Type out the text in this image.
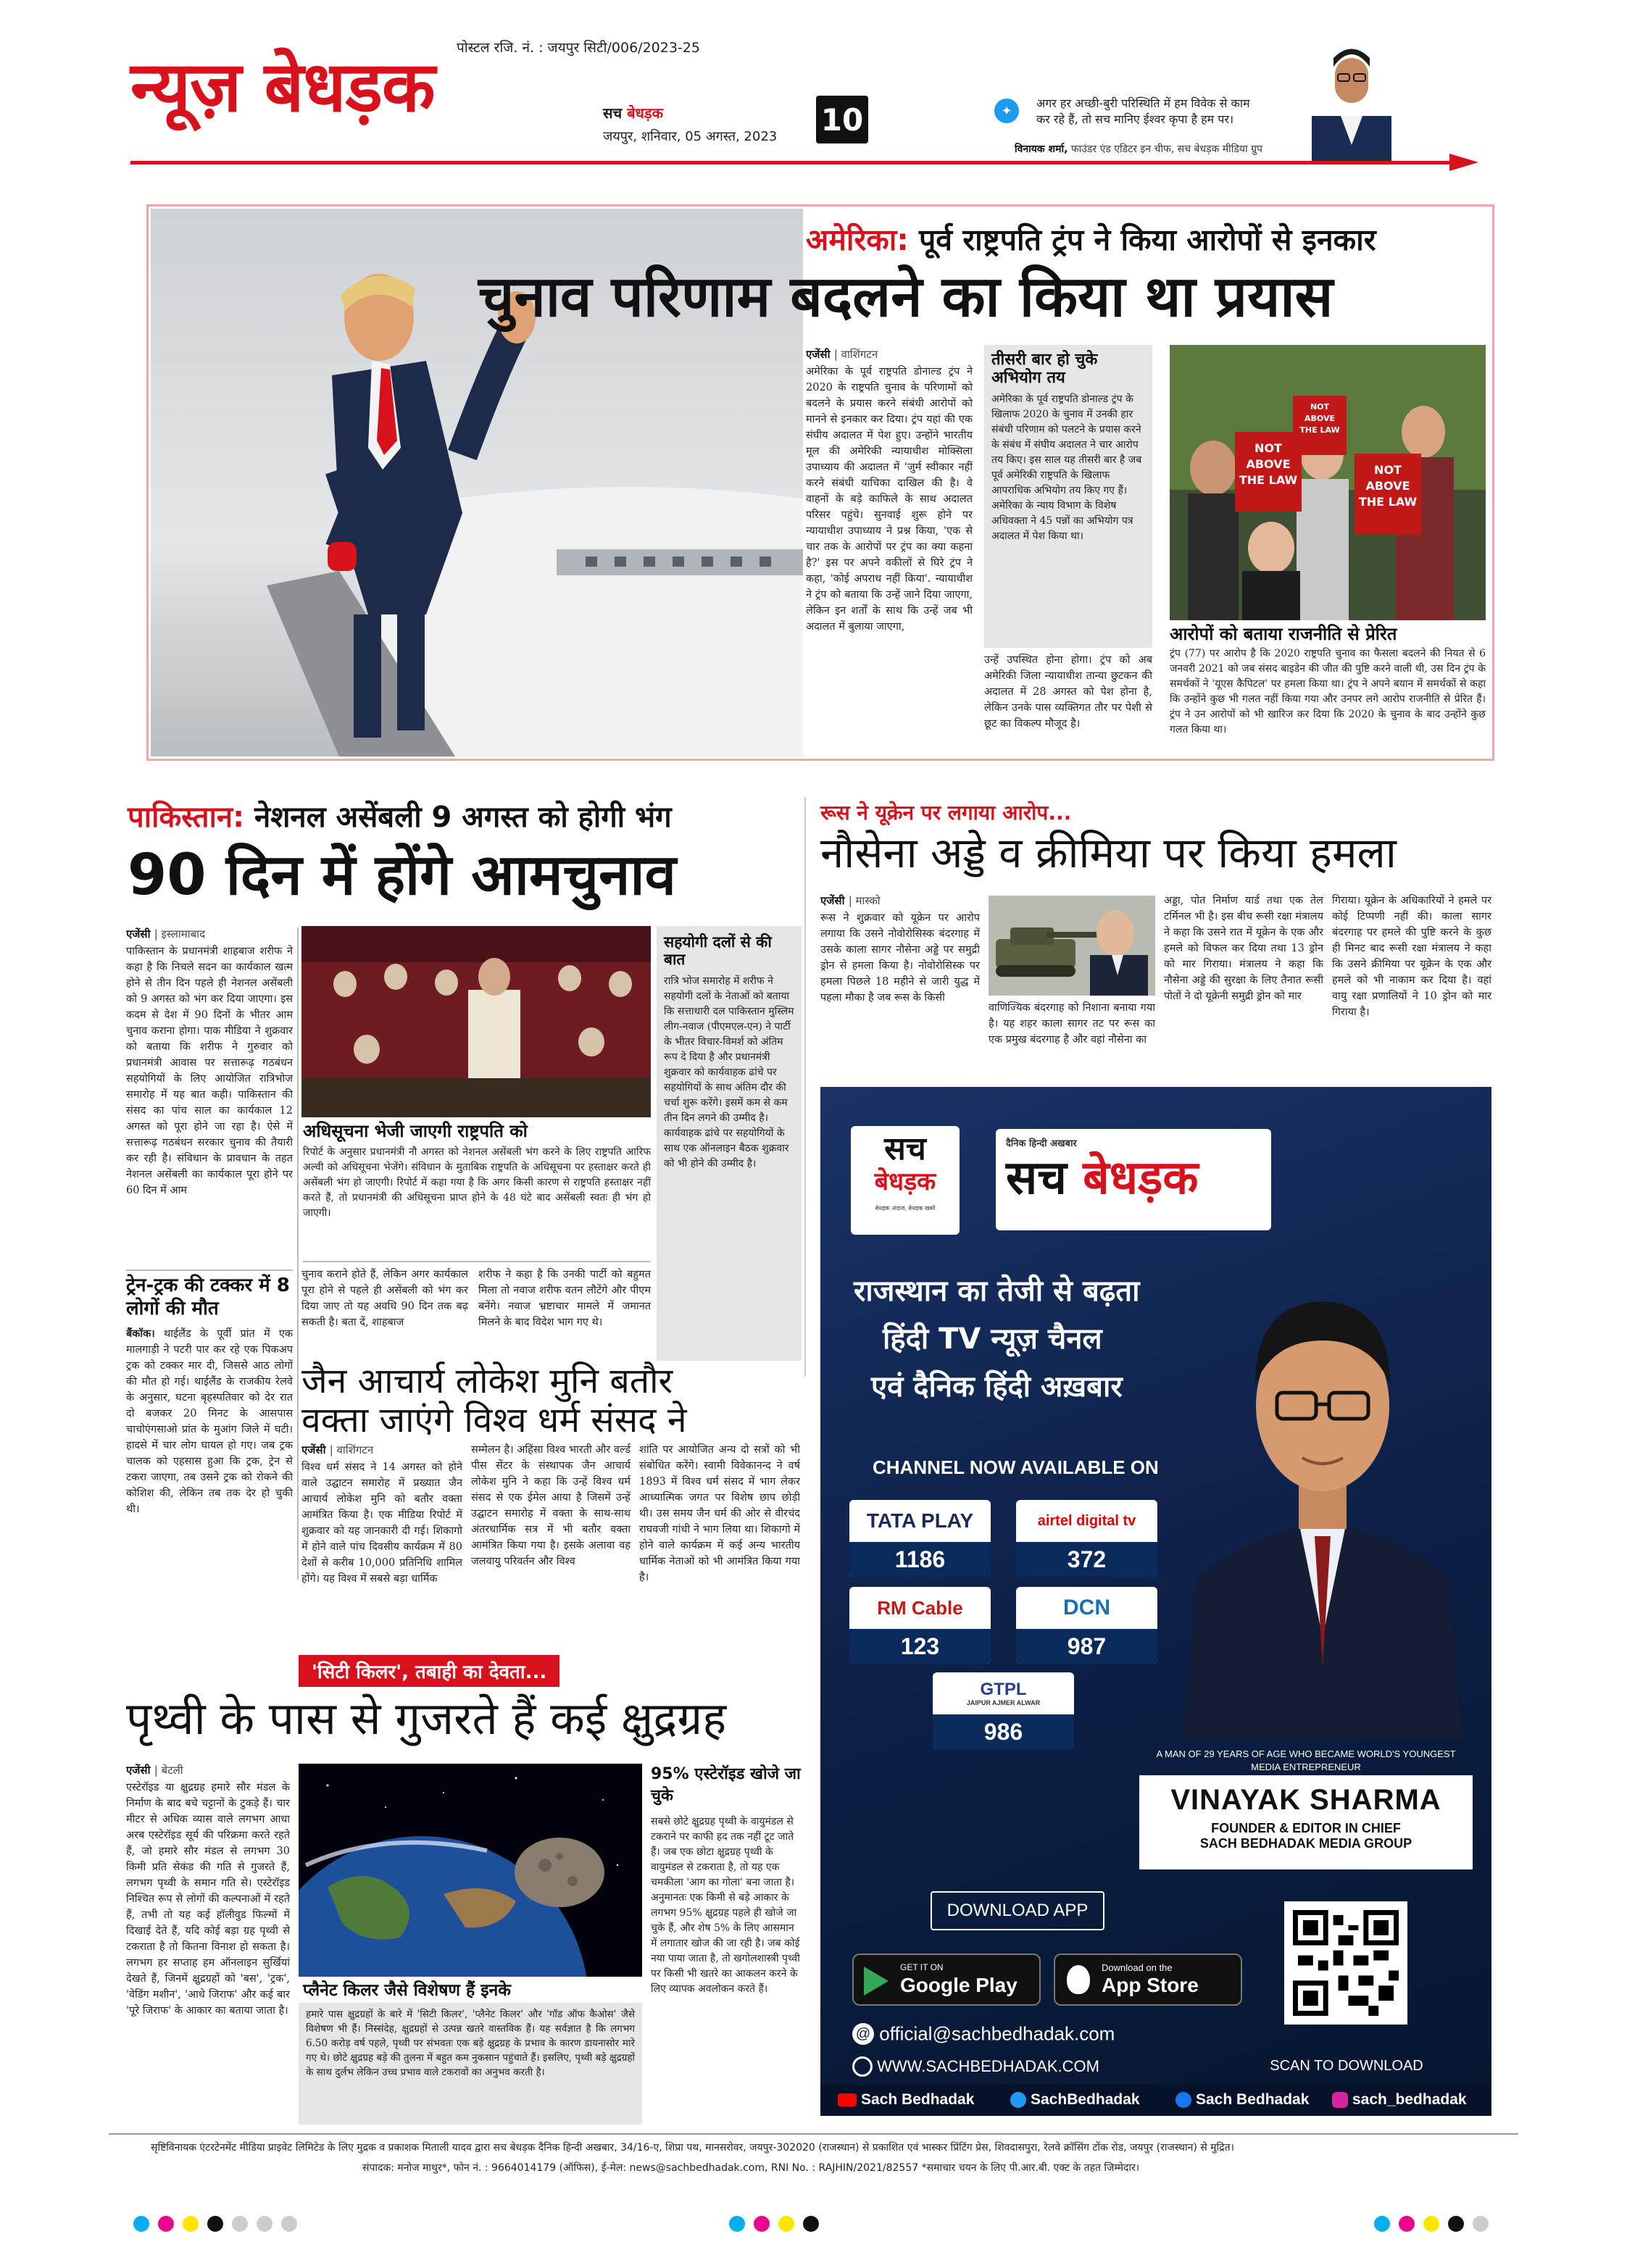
पोस्टल रजि. नं. : जयपुर सिटी/006/2023-25
न्यूज़ बेधड़क	सच बेधड़क
जयपुर, शनिवार, 05 अगस्त, 2023 10	✦	अगर हर अच्छी-बुरी परिस्थिति में हम विवेक से काम
कर रहे हैं, तो सच मानिए ईश्वर कृपा है हम पर।
विनायक शर्मा, फाउंडर एंड एडिटर इन चीफ, सच बेधड़क मीडिया ग्रुप
अमेरिका: पूर्व राष्ट्रपति ट्रंप ने किया आरोपों से इनकार
चुनाव परिणाम बदलने का किया था प्रयास
एजेंसी | वाशिंगटन
अमेरिका के पूर्व राष्ट्रपति डोनाल्ड ट्रंप ने 2020 के राष्ट्रपति चुनाव के परिणामों को बदलने के प्रयास करने संबंधी आरोपों को मानने से इनकार कर दिया। ट्रंप यहां की एक संघीय अदालत में पेश हुए। उन्होंने भारतीय मूल की अमेरिकी न्यायाधीश मोक्सिला उपाध्याय की अदालत में 'जुर्म स्वीकार नहीं करने संबंधी याचिका दाखिल की है। वे वाहनों के बड़े काफिले के साथ अदालत परिसर पहुंचे। सुनवाई शुरू होने पर न्यायाधीश उपाध्याय ने प्रश्न किया, 'एक से चार तक के आरोपों पर ट्रंप का क्या कहना है?' इस पर अपने वकीलों से घिरे ट्रंप ने कहा, 'कोई अपराध नहीं किया'. न्यायाधीश ने ट्रंप को बताया कि उन्हें जाने दिया जाएगा, लेकिन इन शर्तों के साथ कि उन्हें जब भी अदालत में बुलाया जाएगा,
तीसरी बार हो चुके अभियोग तय
अमेरिका के पूर्व राष्ट्रपति डोनाल्ड ट्रंप के खिलाफ 2020 के चुनाव में उनकी हार संबंधी परिणाम को पलटने के प्रयास करने के संबंध में संघीय अदालत ने चार आरोप तय किए। इस साल यह तीसरी बार है जब पूर्व अमेरिकी राष्ट्रपति के खिलाफ आपराधिक अभियोग तय किए गए हैं। अमेरिका के न्याय विभाग के विशेष अधिवक्ता ने 45 पन्नों का अभियोग पत्र अदालत में पेश किया था।
उन्हें उपस्थित होना होगा। ट्रंप को अब अमेरिकी जिला न्यायाधीश तान्या छुटकन की अदालत में 28 अगस्त को पेश होना है, लेकिन उनके पास व्यक्तिगत तौर पर पेशी से छूट का विकल्प मौजूद है।
NOT ABOVE THE LAW
NOT ABOVE THE LAW
NOT ABOVE THE LAW
आरोपों को बताया राजनीति से प्रेरित
ट्रंप (77) पर आरोप है कि 2020 राष्ट्रपति चुनाव का फैसला बदलने की नियत से 6 जनवरी 2021 को जब संसद बाइडेन की जीत की पुष्टि करने वाली थी, उस दिन ट्रंप के समर्थकों ने 'यूएस कैपिटल' पर हमला किया था। ट्रंप ने अपने बयान में समर्थकों से कहा कि उन्होंने कुछ भी गलत नहीं किया गया और उनपर लगे आरोप राजनीति से प्रेरित हैं। ट्रंप ने उन आरोपों को भी खारिज कर दिया कि 2020 के चुनाव के बाद उन्होंने कुछ गलत किया था।
पाकिस्तान: नेशनल असेंबली 9 अगस्त को होगी भंग
90 दिन में होंगे आमचुनाव
एजेंसी | इस्लामाबाद
पाकिस्तान के प्रधानमंत्री शाहबाज शरीफ ने कहा है कि निचले सदन का कार्यकाल खत्म होने से तीन दिन पहले ही नेशनल असेंबली को 9 अगस्त को भंग कर दिया जाएगा। इस कदम से देश में 90 दिनों के भीतर आम चुनाव कराना होगा। पाक मीडिया ने शुक्रवार को बताया कि शरीफ ने गुरुवार को प्रधानमंत्री आवास पर सत्तारूढ़ गठबंधन सहयोगियों के लिए आयोजित रात्रिभोज समारोह में यह बात कही। पाकिस्तान की संसद का पांच साल का कार्यकाल 12 अगस्त को पूरा होने जा रहा है। ऐसे में सत्तारूढ़ गठबंधन सरकार चुनाव की तैयारी कर रही है। संविधान के प्रावधान के तहत नेशनल असेंबली का कार्यकाल पूरा होने पर 60 दिन में आम
अधिसूचना भेजी जाएगी राष्ट्रपति को
रिपोर्ट के अनुसार प्रधानमंत्री नौ अगस्त को नेशनल असेंबली भंग करने के लिए राष्ट्रपति आरिफ अल्वी को अधिसूचना भेजेंगे। संविधान के मुताबिक राष्ट्रपति के अधिसूचना पर हस्ताक्षर करते ही असेंबली भंग हो जाएगी। रिपोर्ट में कहा गया है कि अगर किसी कारण से राष्ट्रपति हस्ताक्षर नहीं करते हैं, तो प्रधानमंत्री की अधिसूचना प्राप्त होने के 48 घंटे बाद असेंबली स्वतः ही भंग हो जाएगी।
चुनाव कराने होते हैं, लेकिन अगर कार्यकाल पूरा होने से पहले ही असेंबली को भंग कर दिया जाए तो यह अवधि 90 दिन तक बढ़ सकती है। बता दें, शाहबाज
शरीफ ने कहा है कि उनकी पार्टी को बहुमत मिला तो नवाज शरीफ वतन लौटेंगे और पीएम बनेंगे। नवाज भ्रष्टाचार मामले में जमानत मिलने के बाद विदेश भाग गए थे।
सहयोगी दलों से की बात
रात्रि भोज समारोह में शरीफ ने सहयोगी दलों के नेताओं को बताया कि सत्ताधारी दल पाकिस्तान मुस्लिम लीग-नवाज (पीएमएल-एन) ने पार्टी के भीतर विचार-विमर्श को अंतिम रूप दे दिया है और प्रधानमंत्री शुक्रवार को कार्यवाहक ढांचे पर सहयोगियों के साथ अंतिम दौर की चर्चा शुरू करेंगे। इसमें कम से कम तीन दिन लगने की उम्मीद है। कार्यवाहक ढांचे पर सहयोगियों के साथ एक ऑनलाइन बैठक शुक्रवार को भी होने की उम्मीद है।
ट्रेन-ट्रक की टक्कर में 8 लोगों की मौत
बैंकॉक। थाईलैंड के पूर्वी प्रांत में एक मालगाड़ी ने पटरी पार कर रहे एक पिकअप ट्रक को टक्कर मार दी, जिससे आठ लोगों की मौत हो गई। थाईलैंड के राजकीय रेलवे के अनुसार, घटना बृहस्पतिवार को देर रात दो बजकर 20 मिनट के आसपास चाचोएंगसाओ प्रांत के मुआंग जिले में घटी। हादसे में चार लोग घायल हो गए। जब ट्रक चालक को एहसास हुआ कि ट्रक, ट्रेन से टकरा जाएगा, तब उसने ट्रक को रोकने की कोशिश की, लेकिन तब तक देर हो चुकी थी।
जैन आचार्य लोकेश मुनि बतौर
वक्ता जाएंगे विश्व धर्म संसद ने
एजेंसी | वाशिंगटन
विश्व धर्म संसद ने 14 अगस्त को होने वाले उद्घाटन समारोह में प्रख्यात जैन आचार्य लोकेश मुनि को बतौर वक्ता आमंत्रित किया है। एक मीडिया रिपोर्ट में शुक्रवार को यह जानकारी दी गई। शिकागो में होने वाले पांच दिवसीय कार्यक्रम में 80 देशों से करीब 10,000 प्रतिनिधि शामिल होंगे। यह विश्व में सबसे बड़ा धार्मिक
सम्मेलन है। अहिंसा विश्व भारती और वर्ल्ड पीस सेंटर के संस्थापक जैन आचार्य लोकेश मुनि ने कहा कि उन्हें विश्व धर्म संसद से एक ईमेल आया है जिसमें उन्हें उद्घाटन समारोह में वक्ता के साथ-साथ अंतरधार्मिक सत्र में भी बतौर वक्ता आमंत्रित किया गया है। इसके अलावा वह जलवायु परिवर्तन और विश्व
शांति पर आयोजित अन्य दो सत्रों को भी संबोधित करेंगे। स्वामी विवेकानन्द ने वर्ष 1893 में विश्व धर्म संसद में भाग लेकर आध्यात्मिक जगत पर विशेष छाप छोड़ी थी। उस समय जैन धर्म की ओर से वीरचंद राघवजी गांधी ने भाग लिया था। शिकागो में होने वाले कार्यक्रम में कई अन्य भारतीय धार्मिक नेताओं को भी आमंत्रित किया गया है।
रूस ने यूक्रेन पर लगाया आरोप...
नौसेना अड्डे व क्रीमिया पर किया हमला
एजेंसी | मास्को
रूस ने शुक्रवार को यूक्रेन पर आरोप लगाया कि उसने नोवोरोसिस्क बंदरगाह में उसके काला सागर नौसेना अड्डे पर समुद्री ड्रोन से हमला किया है। नोवोरोसिस्क पर हमला पिछले 18 महीने से जारी युद्ध में पहला मौका है जब रूस के किसी
वाणिज्यिक बंदरगाह को निशाना बनाया गया है। यह शहर काला सागर तट पर रूस का एक प्रमुख बंदरगाह है और वहां नौसेना का
अड्डा, पोत निर्माण यार्ड तथा एक तेल टर्मिनल भी है। इस बीच रूसी रक्षा मंत्रालय ने कहा कि उसने रात में यूक्रेन के एक और हमले को विफल कर दिया तथा 13 ड्रोन को मार गिराया। मंत्रालय ने कहा कि नौसेना अड्डे की सुरक्षा के लिए तैनात रूसी पोतों ने दो यूक्रेनी समुद्री ड्रोन को मार
गिराया। यूक्रेन के अधिकारियों ने हमले पर कोई टिप्पणी नहीं की। काला सागर बंदरगाह पर हमले की पुष्टि करने के कुछ ही मिनट बाद रूसी रक्षा मंत्रालय ने कहा कि उसने क्रीमिया पर यूक्रेन के एक और हमले को भी नाकाम कर दिया है। वहां वायु रक्षा प्रणालियों ने 10 ड्रोन को मार गिराया है।
सच
बेधड़क
बेधड़क अंदाज, बेधड़क खबरें
दैनिक हिन्दी अखबार
सच बेधड़क
राजस्थान का तेजी से बढ़ता
हिंदी TV न्यूज़ चैनल
एवं दैनिक हिंदी अख़बार
CHANNEL NOW AVAILABLE ON
TATA PLAY
1186
airtel digital tv
372
RM Cable
123
DCN
987
GTPL
JAIPUR AJMER ALWAR
986
A MAN OF 29 YEARS OF AGE WHO BECAME WORLD'S YOUNGEST
MEDIA ENTREPRENEUR
VINAYAK SHARMA
FOUNDER & EDITOR IN CHIEF
SACH BEDHADAK MEDIA GROUP
DOWNLOAD APP
GET IT ON
Google Play
Download on the
App Store
@ official@sachbedhadak.com
WWW.SACHBEDHADAK.COM	SCAN TO DOWNLOAD
Sach Bedhadak	SachBedhadak	Sach Bedhadak	sach_bedhadak
'सिटी किलर', तबाही का देवता...
पृथ्वी के पास से गुजरते हैं कई क्षुद्रग्रह
एजेंसी | बेटली
एस्टेरॉइड या क्षुद्रग्रह हमारे सौर मंडल के निर्माण के बाद बचे चट्टानों के टुकड़े हैं। चार मीटर से अधिक व्यास वाले लगभग आधा अरब एस्टेरॉइड सूर्य की परिक्रमा करते रहते हैं, जो हमारे सौर मंडल से लगभग 30 किमी प्रति सेकंड की गति से गुजरते हैं, लगभग पृथ्वी के समान गति से। एस्टेरॉइड निश्चित रूप से लोगों की कल्पनाओं में रहते हैं, तभी तो यह कई हॉलीवुड फिल्मों में दिखाई देते हैं, यदि कोई बड़ा ग्रह पृथ्वी से टकराता है तो कितना विनाश हो सकता है। लगभग हर सप्ताह हम ऑनलाइन सुर्खियां देखते हैं, जिनमें क्षुद्रग्रहों को 'बस', 'ट्रक', 'वेडिंग मशीन', 'आधे जिराफ' और कई बार 'पूरे जिराफ' के आकार का बताया जाता है।
प्लैनेट किलर जैसे विशेषण हैं इनके
हमारे पास क्षुद्रग्रहों के बारे में 'सिटी किलर', 'प्लैनेट किलर' और 'गॉड ऑफ कैओस' जैसे विशेषण भी हैं। निस्संदेह, क्षुद्रग्रहों से उत्पन्न खतरे वास्तविक हैं। यह सर्वज्ञात है कि लगभग 6.50 करोड़ वर्ष पहले, पृथ्वी पर संभवतः एक बड़े क्षुद्रग्रह के प्रभाव के कारण डायनासोर मारे गए थे। छोटे क्षुद्रग्रह बड़े की तुलना में बहुत कम नुकसान पहुंचाते हैं। इसलिए, पृथ्वी बड़े क्षुद्रग्रहों के साथ दुर्लभ लेकिन उच्च प्रभाव वाले टकरावों का अनुभव करती है।
95% एस्टेरॉइड खोजे जा चुके
सबसे छोटे क्षुद्रग्रह पृथ्वी के वायुमंडल से टकराने पर काफी हद तक नहीं टूट जाते हैं। जब एक छोटा क्षुद्रग्रह पृथ्वी के वायुमंडल से टकराता है, तो यह एक चमकीला 'आग का गोला' बना जाता है। अनुमानतः एक किमी से बड़े आकार के लगभग 95% क्षुद्रग्रह पहले ही खोजे जा चुके हैं, और शेष 5% के लिए आसमान में लगातार खोज की जा रही है। जब कोई नया पाया जाता है, तो खगोलशास्त्री पृथ्वी पर किसी भी खतरे का आकलन करने के लिए व्यापक अवलोकन करते हैं।
सृष्टिविनायक एंटरटेनमेंट मीडिया प्राइवेट लिमिटेड के लिए मुद्रक व प्रकाशक मिताली यादव द्वारा सच बेधड़क दैनिक हिन्दी अखबार, 34/16-ए, शिप्रा पथ, मानसरोवर, जयपुर-302020 (राजस्थान) से प्रकाशित एवं भास्कर प्रिंटिंग प्रेस, शिवदासपुरा, रेलवे क्रॉसिंग टोंक रोड, जयपुर (राजस्थान) से मुद्रित।
संपादक: मनोज माथुर*, फोन नं. : 9664014179 (ऑफिस), ई-मेल: news@sachbedhadak.com, RNI No. : RAJHIN/2021/82557 *समाचार चयन के लिए पी.आर.बी. एक्ट के तहत जिम्मेदार।
